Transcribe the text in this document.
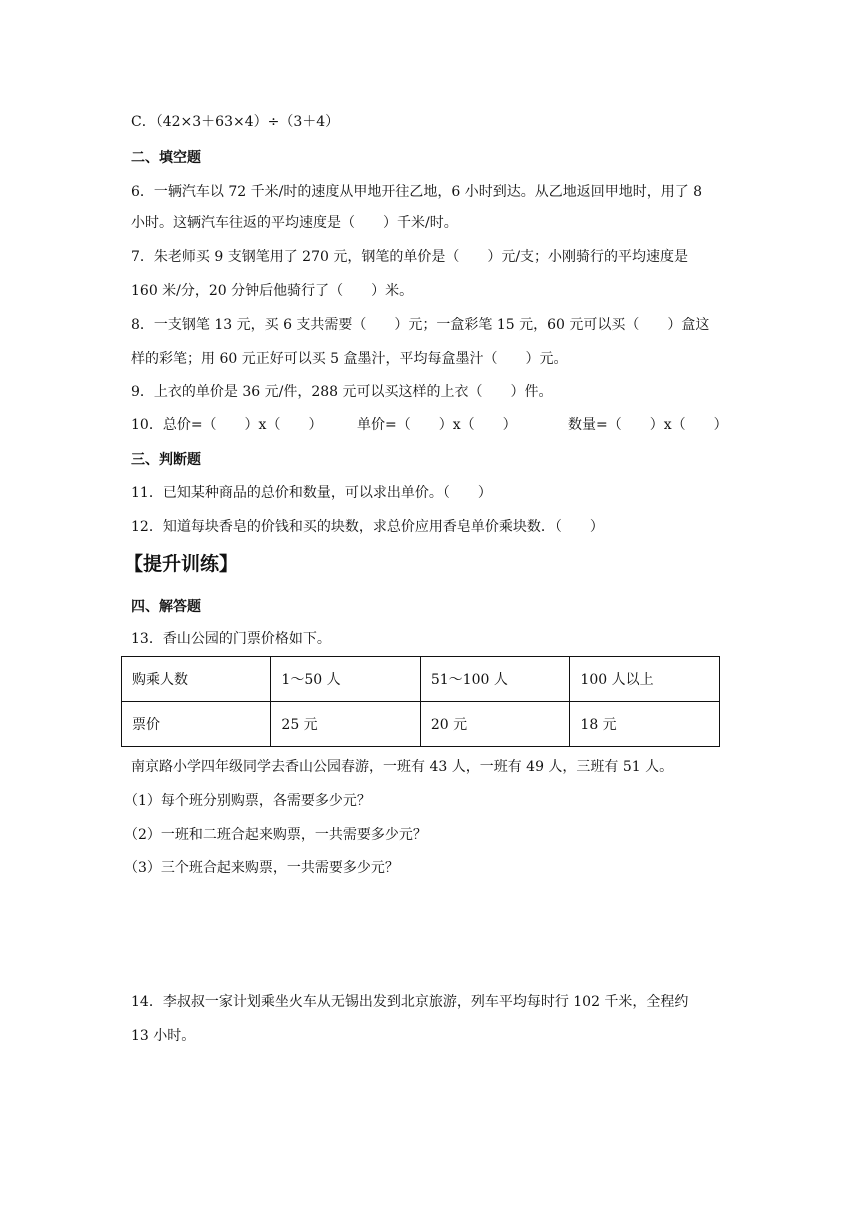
C．（42×3＋63×4）÷（3＋4）
二、填空题
6．一辆汽车以 72 千米/时的速度从甲地开往乙地，6 小时到达。从乙地返回甲地时，用了 8
小时。这辆汽车往返的平均速度是（　　）千米/时。
7．朱老师买 9 支钢笔用了 270 元，钢笔的单价是（　　）元/支；小刚骑行的平均速度是
160 米/分，20 分钟后他骑行了（　　）米。
8．一支钢笔 13 元，买 6 支共需要（　　）元；一盒彩笔 15 元，60 元可以买（　　）盒这
样的彩笔；用 60 元正好可以买 5 盒墨汁，平均每盒墨汁（　　）元。
9．上衣的单价是 36 元/件，288 元可以买这样的上衣（　　）件。
10．总价=（　　）x（　　） 单价=（　　）x（　　）	数量=（　　）x（　　）
三、判断题
11．已知某种商品的总价和数量，可以求出单价。（　　）
12．知道每块香皂的价钱和买的块数，求总价应用香皂单价乘块数．（　　）
【提升训练】
四、解答题
13．香山公园的门票价格如下。
购乘人数	1～50 人	51～100 人	100 人以上
票价	25 元	20 元	18 元
南京路小学四年级同学去香山公园春游，一班有 43 人，一班有 49 人，三班有 51 人。
（1）每个班分别购票，各需要多少元？
（2）一班和二班合起来购票，一共需要多少元？
（3）三个班合起来购票，一共需要多少元？
14．李叔叔一家计划乘坐火车从无锡出发到北京旅游，列车平均每时行 102 千米，全程约
13 小时。
